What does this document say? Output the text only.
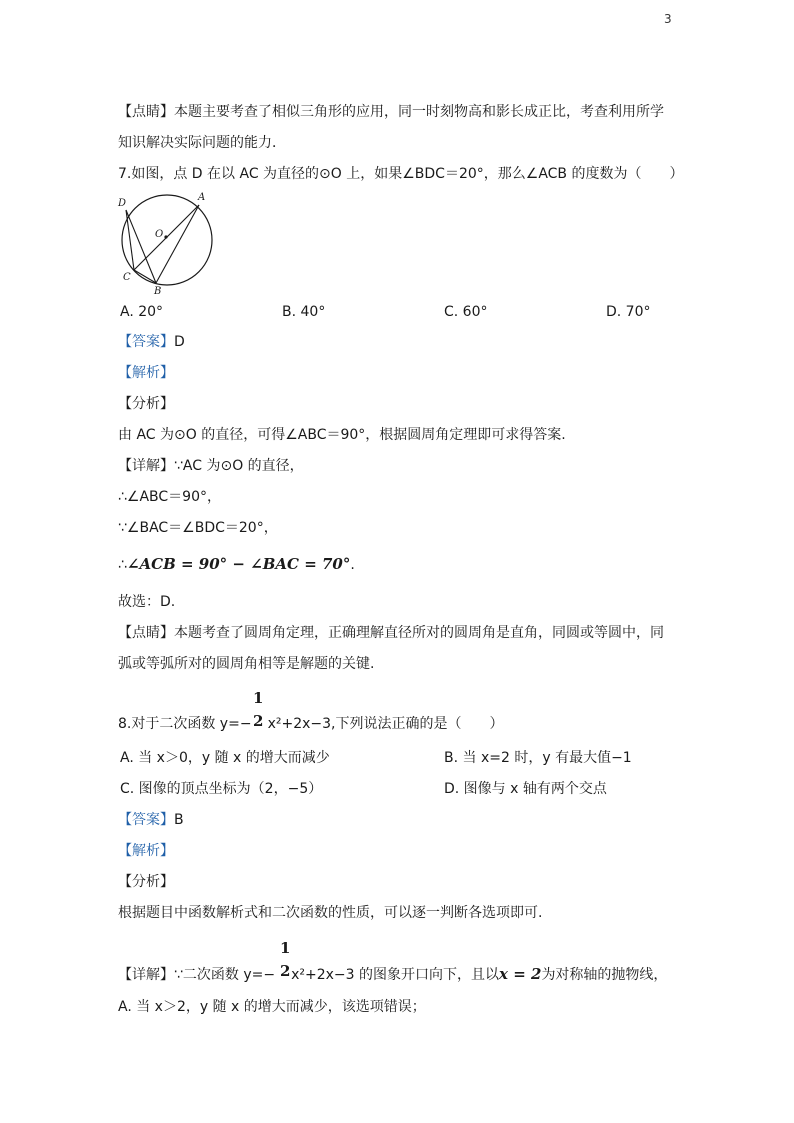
3
【点睛】本题主要考查了相似三角形的应用，同一时刻物高和影长成正比，考查利用所学
知识解决实际问题的能力．
7.如图，点 D 在以 AC 为直径的⊙O 上，如果∠BDC＝20°，那么∠ACB 的度数为（　　）
D
A
O
C
B
A. 20°	B. 40°	C. 60°	D. 70°
【答案】D
【解析】
【分析】
由 AC 为⊙O 的直径，可得∠ABC＝90°，根据圆周角定理即可求得答案.
【详解】∵AC 为⊙O 的直径，
∴∠ABC＝90°，
∵∠BAC＝∠BDC＝20°，
∴∠ACB = 90° − ∠BAC = 70°.
故选：D.
【点睛】本题考查了圆周角定理，正确理解直径所对的圆周角是直角，同圆或等圆中，同
弧或等弧所对的圆周角相等是解题的关键.
1
2
8.对于二次函数 y=− x²+2x−3,下列说法正确的是（　　）
A. 当 x＞0，y 随 x 的增大而减少	B. 当 x=2 时，y 有最大值−1
C. 图像的顶点坐标为（2，−5）	D. 图像与 x 轴有两个交点
【答案】B
【解析】
【分析】
根据题目中函数解析式和二次函数的性质，可以逐一判断各选项即可.
1
2
【详解】∵二次函数 y=− x²+2x−3 的图象开口向下，且以x = 2为对称轴的抛物线，
A. 当 x＞2，y 随 x 的增大而减少，该选项错误；
